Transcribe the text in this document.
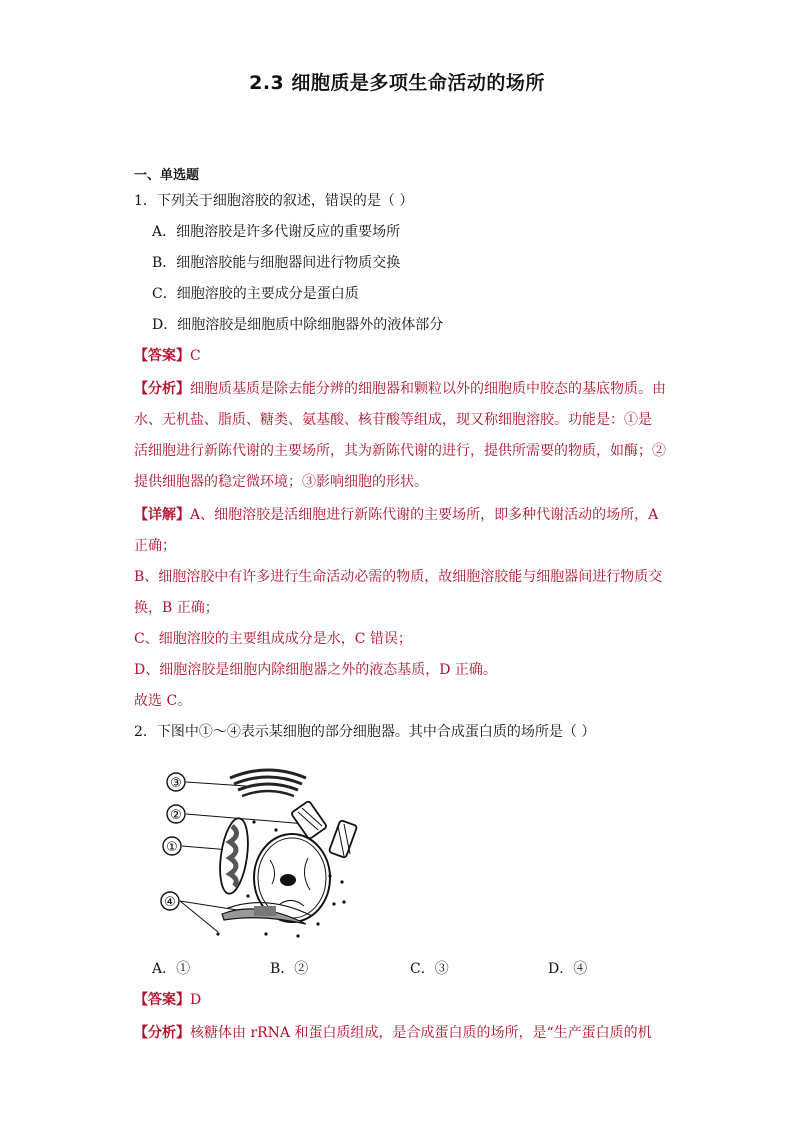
2.3 细胞质是多项生命活动的场所
一、单选题
1．下列关于细胞溶胶的叙述，错误的是（ ）
A．细胞溶胶是许多代谢反应的重要场所
B．细胞溶胶能与细胞器间进行物质交换
C．细胞溶胶的主要成分是蛋白质
D．细胞溶胶是细胞质中除细胞器外的液体部分
【答案】C
【分析】细胞质基质是除去能分辨的细胞器和颗粒以外的细胞质中胶态的基底物质。由
水、无机盐、脂质、糖类、氨基酸、核苷酸等组成，现又称细胞溶胶。功能是：①是
活细胞进行新陈代谢的主要场所，其为新陈代谢的进行，提供所需要的物质，如酶；②
提供细胞器的稳定微环境；③影响细胞的形状。
【详解】A、细胞溶胶是活细胞进行新陈代谢的主要场所，即多种代谢活动的场所，A
正确；
B、细胞溶胶中有许多进行生命活动必需的物质，故细胞溶胶能与细胞器间进行物质交
换，B 正确；
C、细胞溶胶的主要组成成分是水，C 错误；
D、细胞溶胶是细胞内除细胞器之外的液态基质，D 正确。
故选 C。
2．下图中①～④表示某细胞的部分细胞器。其中合成蛋白质的场所是（ ）
③
②
①
④
A．①	B．②	C．③	D．④
【答案】D
【分析】核糖体由 rRNA 和蛋白质组成，是合成蛋白质的场所，是“生产蛋白质的机
